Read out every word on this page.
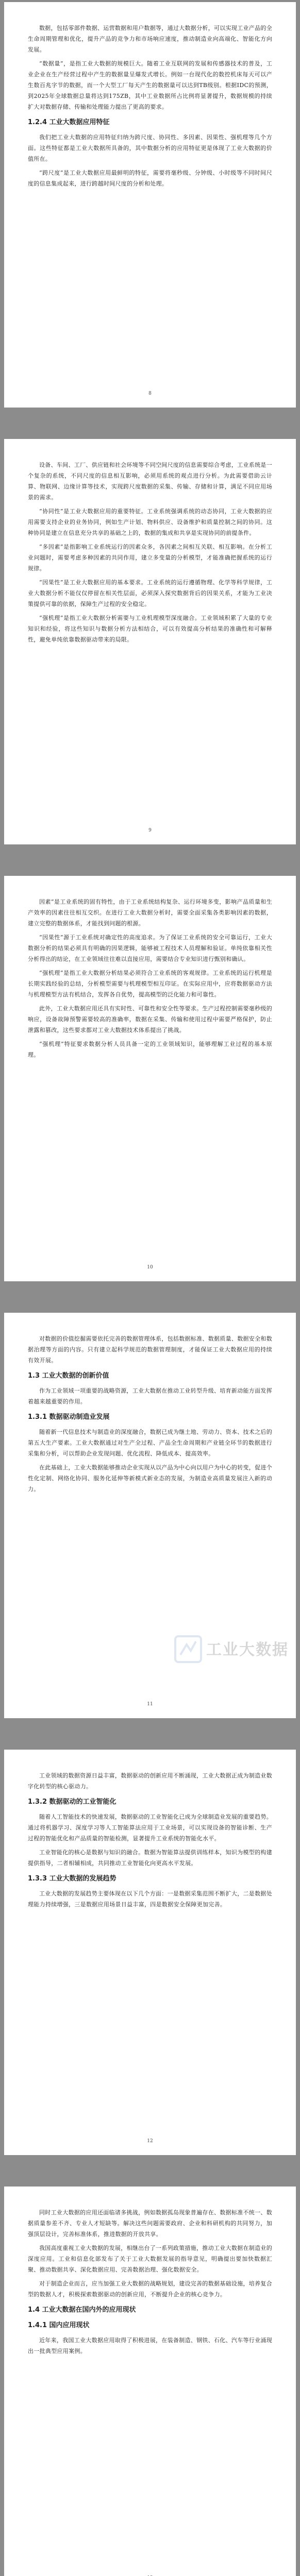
数据，包括零部件数据、运营数据和用户数据等，通过大数据分析，可以实现工业产品的全生命周期管理和优化，提升产品的竞争力和市场响应速度，推动制造业向高端化、智能化方向发展。

“数据量”，是指工业大数据的规模巨大。随着工业互联网的发展和传感器技术的普及，工业企业在生产经营过程中产生的数据量呈爆发式增长。例如一台现代化的数控机床每天可以产生数百兆字节的数据，而一个大型工厂每天产生的数据量可以达到TB级别。根据IDC的预测，到2025年全球数据总量将达到175ZB，其中工业数据所占比例将显著提升，数据规模的持续扩大对数据存储、传输和处理能力提出了更高的要求。

1.2.4 工业大数据应用特征

我们把工业大数据的应用特征归纳为跨尺度、协同性、多因素、因果性、强机理等几个方面。这些特征都是工业大数据所具备的，其中数据分析的应用特征更是体现了工业大数据的价值所在。

“跨尺度”是工业大数据应用最鲜明的特征，需要将毫秒级、分钟级、小时级等不同时间尺度的信息集成起来，进行跨越时间尺度的分析和处理。

8

设备、车间、工厂、供应链和社会环境等不同空间尺度的信息需要综合考虑，工业系统是一个复杂的系统，不同尺度的信息相互影响，必须用系统的观点进行分析。为此需要借助云计算、物联网、边缘计算等技术，实现跨尺度数据的采集、传输、存储和计算，满足不同应用场景的需求。

“协同性”是工业大数据应用的重要特征。工业系统强调系统的动态协同，工业大数据的应用需要支持企业的业务协同，例如生产计划、物料供应、设备维护和质量控制之间的协同。这种协同是建立在信息充分共享的基础之上的，数据的集成和共享是实现协同的前提条件。

“多因素”是指影响工业系统运行的因素众多，各因素之间相互关联、相互影响。在分析工业问题时，需要考虑多种因素的共同作用，建立多变量的分析模型，才能准确把握系统的运行规律。

“因果性”是工业大数据应用的基本要求。工业系统的运行遵循物理、化学等科学规律，工业大数据分析不能仅仅停留在相关性层面，必须深入探究数据背后的因果关系，才能为工业决策提供可靠的依据，保障生产过程的安全稳定。

“强机理”是指工业大数据分析需要与工业机理模型深度融合。工业领域积累了大量的专业知识和经验，将这些知识与数据分析方法相结合，可以有效提高分析结果的准确性和可解释性，避免单纯依靠数据驱动带来的局限。

9

因素”是工业系统的固有特性，由于工业系统结构复杂、运行环境多变，影响产品质量和生产效率的因素往往相互交织。在进行工业大数据分析时，需要全面采集各类影响因素的数据，建立完整的数据体系，才能找到问题的根源。

“因果性”源于工业系统对确定性的高度追求。为了保证工业系统的安全可靠运行，工业大数据分析的结果必须具有明确的因果逻辑，能够被工程技术人员理解和验证。单纯依靠相关性分析得出的结论，在工业领域往往难以直接应用，需要结合专业知识进行甄别和确认。

“强机理”是指工业大数据分析结果必须符合工业系统的客观规律。工业系统的运行机理是长期实践经验的总结，分析模型需要与机理模型相互印证。在实际应用中，应将数据驱动方法与机理模型方法有机结合，发挥各自优势，提高模型的泛化能力和可靠性。

此外，工业大数据应用还具有实时性、可靠性和安全性等要求。生产过程控制需要毫秒级的响应，设备故障预警需要较高的准确率，数据在采集、传输和使用过程中需要严格保护，防止泄露和篡改，这些要求都对工业大数据技术体系提出了挑战。

“强机理”特征要求数据分析人员具备一定的工业领域知识，能够理解工业过程的基本原理。

10

对数据的价值挖掘需要依托完善的数据管理体系，包括数据标准、数据质量、数据安全和数据治理等方面的内容。只有建立起科学规范的数据管理制度，才能保证工业大数据应用的持续有效开展。

1.3 工业大数据的创新价值

作为工业领域一项重要的战略资源，工业大数据在推动工业转型升级、培育新动能方面发挥着越来越重要的作用。

1.3.1 数据驱动制造业发展

随着新一代信息技术与制造业的深度融合，数据已成为继土地、劳动力、资本、技术之后的第五大生产要素。工业大数据通过对生产全过程、产品全生命周期和产业链全环节的数据进行采集和分析，可以帮助企业发现问题、优化流程、降低成本、提高效率。

在此基础上，工业大数据能够推动企业实现从以产品为中心向以用户为中心的转变，促进个性化定制、网络化协同、服务化延伸等新模式新业态的发展，为制造业高质量发展注入新的动力。

11
工业大数据

工业领域的数据资源日益丰富，数据驱动的创新应用不断涌现，工业大数据正成为制造业数字化转型的核心驱动力。

1.3.2 数据驱动的工业智能化

随着人工智能技术的快速发展，数据驱动的工业智能化已成为全球制造业发展的重要趋势。通过将机器学习、深度学习等人工智能算法应用于工业场景，可以实现设备的智能诊断、生产过程的智能优化和产品质量的智能检测，显著提升工业系统的智能化水平。

工业智能化的核心是数据与知识的融合。数据为智能算法提供训练样本，知识为模型的构建提供指导，二者相辅相成，共同推动工业智能化向更高水平发展。

1.3.3 工业大数据的发展趋势

工业大数据的发展趋势主要体现在以下几个方面：一是数据采集范围不断扩大，二是数据处理能力持续增强，三是数据应用场景日益丰富，四是数据安全保障更加完善。

12

同时工业大数据的应用还面临诸多挑战，例如数据孤岛现象普遍存在、数据标准不统一、数据质量参差不齐、专业人才短缺等。解决这些问题需要政府、企业和科研机构的共同努力，加强顶层设计，完善标准体系，推进数据的开放共享。

我国高度重视工业大数据的发展，相继出台了一系列政策措施，推动工业大数据在制造业的深度应用。工业和信息化部发布了关于工业大数据发展的指导意见，明确提出要加快数据汇聚、推动数据共享、深化数据应用、完善数据治理、强化数据安全。

对于制造企业而言，应当加强工业大数据的战略规划，建设完善的数据基础设施，培养复合型的数据人才，积极探索数据驱动的创新应用，不断提升企业的核心竞争力。

1.4 工业大数据在国内外的应用现状
1.4.1 国内应用现状

近年来，我国工业大数据应用取得了积极进展，在装备制造、钢铁、石化、汽车等行业涌现出一批典型应用案例。
